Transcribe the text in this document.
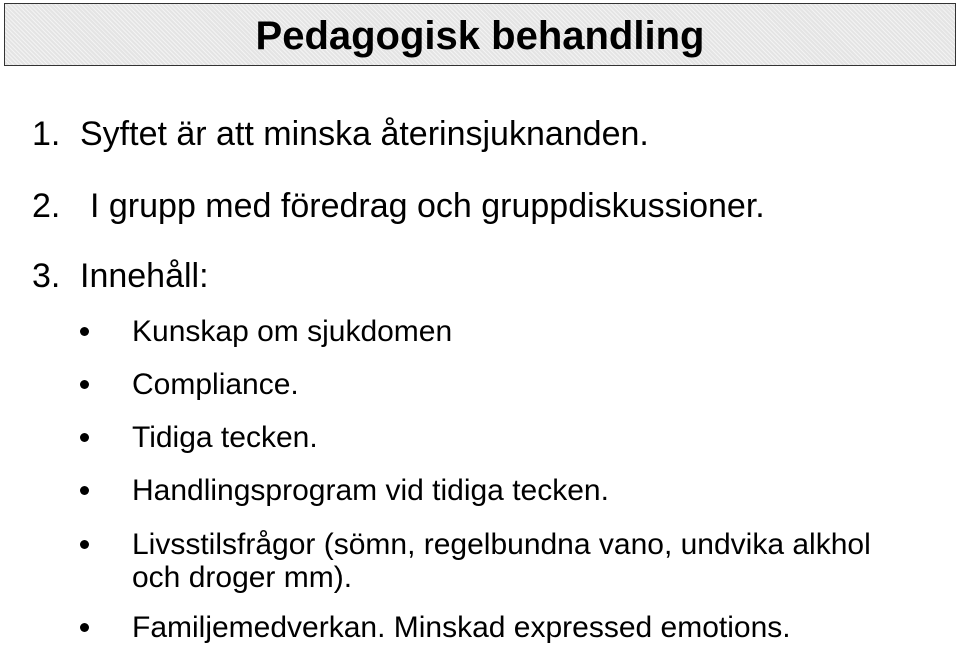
Pedagogisk behandling
1. Syftet är att minska återinsjuknanden.
2. I grupp med föredrag och gruppdiskussioner.
3. Innehåll:
Kunskap om sjukdomen
Compliance.
Tidiga tecken.
Handlingsprogram vid tidiga tecken.
Livsstilsfrågor (sömn, regelbundna vano, undvika alkhol och droger mm).
Familjemedverkan. Minskad expressed emotions.
